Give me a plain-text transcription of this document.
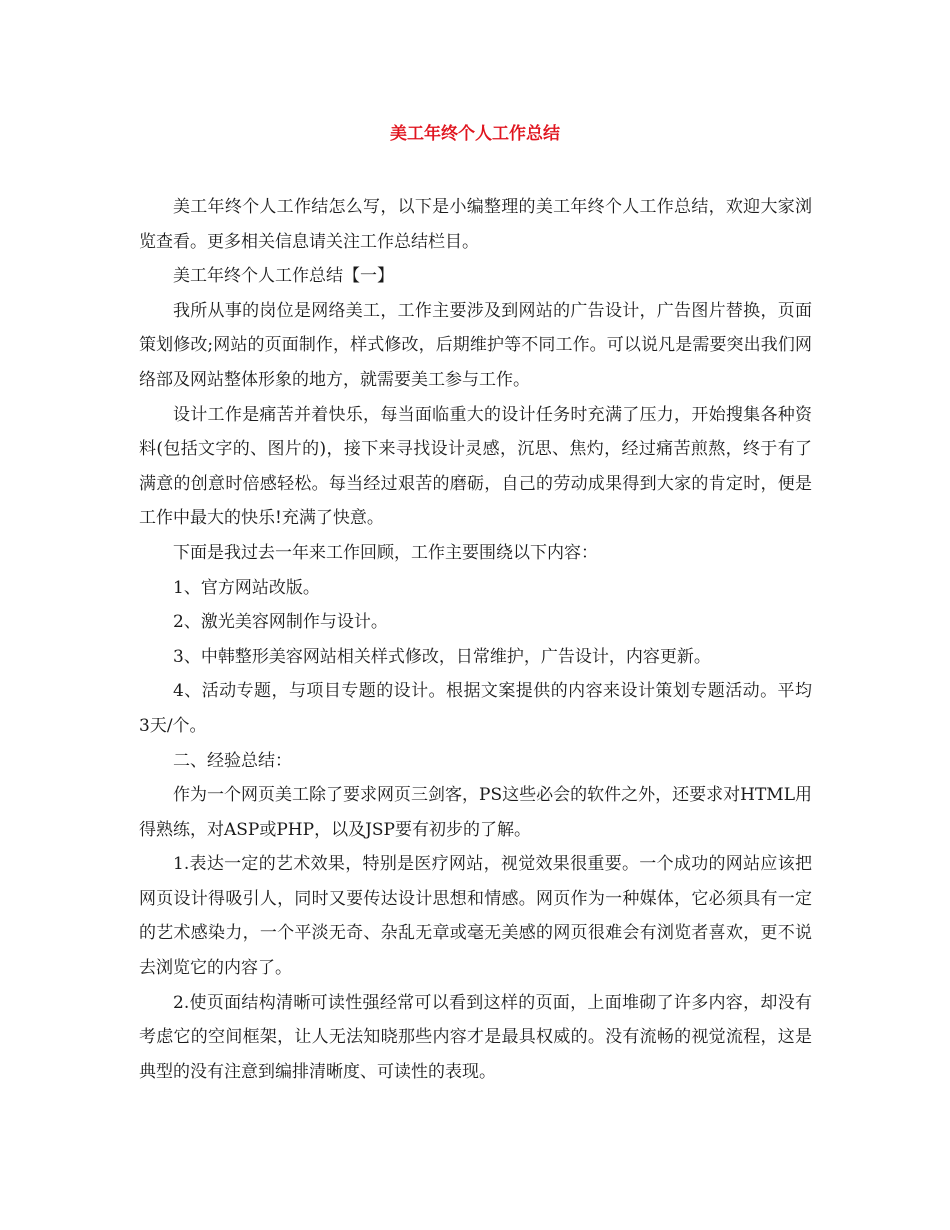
美工年终个人工作总结

美工年终个人工作结怎么写，以下是小编整理的美工年终个人工作总结，欢迎大家浏览查看。更多相关信息请关注工作总结栏目。

美工年终个人工作总结【一】

我所从事的岗位是网络美工，工作主要涉及到网站的广告设计，广告图片替换，页面策划修改;网站的页面制作，样式修改，后期维护等不同工作。可以说凡是需要突出我们网络部及网站整体形象的地方，就需要美工参与工作。

设计工作是痛苦并着快乐，每当面临重大的设计任务时充满了压力，开始搜集各种资料(包括文字的、图片的)，接下来寻找设计灵感，沉思、焦灼，经过痛苦煎熬，终于有了满意的创意时倍感轻松。每当经过艰苦的磨砺，自己的劳动成果得到大家的肯定时，便是工作中最大的快乐!充满了快意。

下面是我过去一年来工作回顾，工作主要围绕以下内容：

1、官方网站改版。

2、激光美容网制作与设计。

3、中韩整形美容网站相关样式修改，日常维护，广告设计，内容更新。

4、活动专题，与项目专题的设计。根据文案提供的内容来设计策划专题活动。平均 3天/个。

二、经验总结：

作为一个网页美工除了要求网页三剑客，PS这些必会的软件之外，还要求对HTML用得熟练，对ASP或PHP，以及JSP要有初步的了解。

1.表达一定的艺术效果，特别是医疗网站，视觉效果很重要。一个成功的网站应该把网页设计得吸引人，同时又要传达设计思想和情感。网页作为一种媒体，它必须具有一定的艺术感染力，一个平淡无奇、杂乱无章或毫无美感的网页很难会有浏览者喜欢，更不说去浏览它的内容了。

2.使页面结构清晰可读性强经常可以看到这样的页面，上面堆砌了许多内容，却没有考虑它的空间框架，让人无法知晓那些内容才是最具权威的。没有流畅的视觉流程，这是典型的没有注意到编排清晰度、可读性的表现。
